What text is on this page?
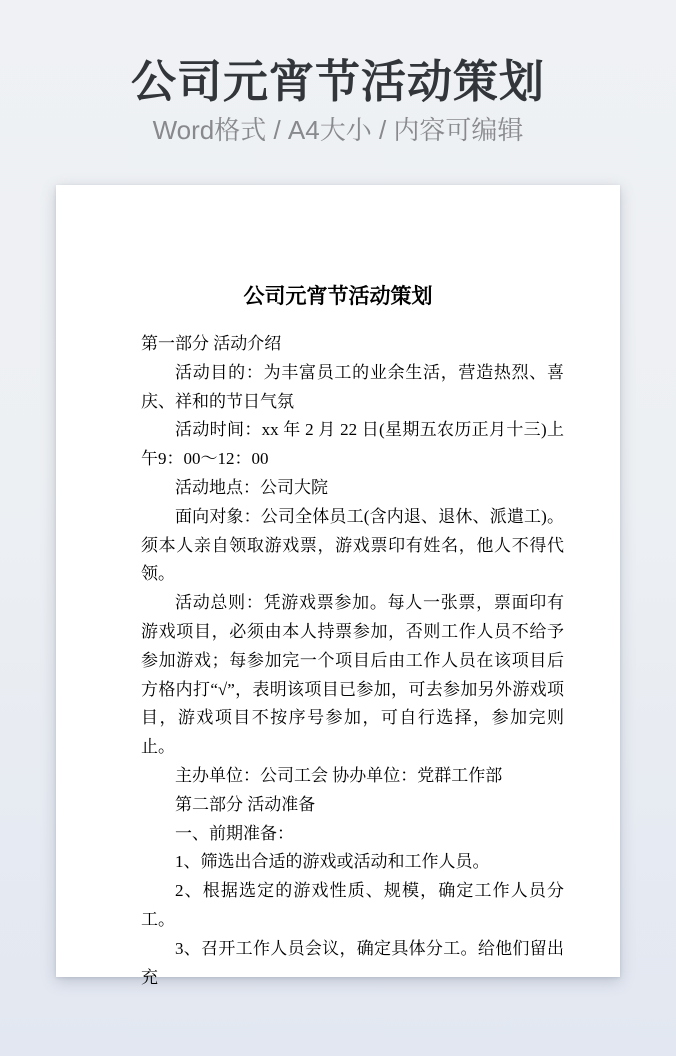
公司元宵节活动策划
Word格式 / A4大小 / 内容可编辑
公司元宵节活动策划

第一部分 活动介绍

活动目的：为丰富员工的业余生活，营造热烈、喜庆、祥和的节日气氛

活动时间：xx 年 2 月 22 日(星期五农历正月十三)上午9：00～12：00

活动地点：公司大院

面向对象：公司全体员工(含内退、退休、派遣工)。须本人亲自领取游戏票，游戏票印有姓名，他人不得代领。

活动总则：凭游戏票参加。每人一张票，票面印有游戏项目，必须由本人持票参加，否则工作人员不给予参加游戏；每参加完一个项目后由工作人员在该项目后方格内打“√”，表明该项目已参加，可去参加另外游戏项目，游戏项目不按序号参加，可自行选择，参加完则止。

主办单位：公司工会 协办单位：党群工作部

第二部分 活动准备

一、前期准备：

1、筛选出合适的游戏或活动和工作人员。

2、根据选定的游戏性质、规模，确定工作人员分工。

3、召开工作人员会议，确定具体分工。给他们留出充
